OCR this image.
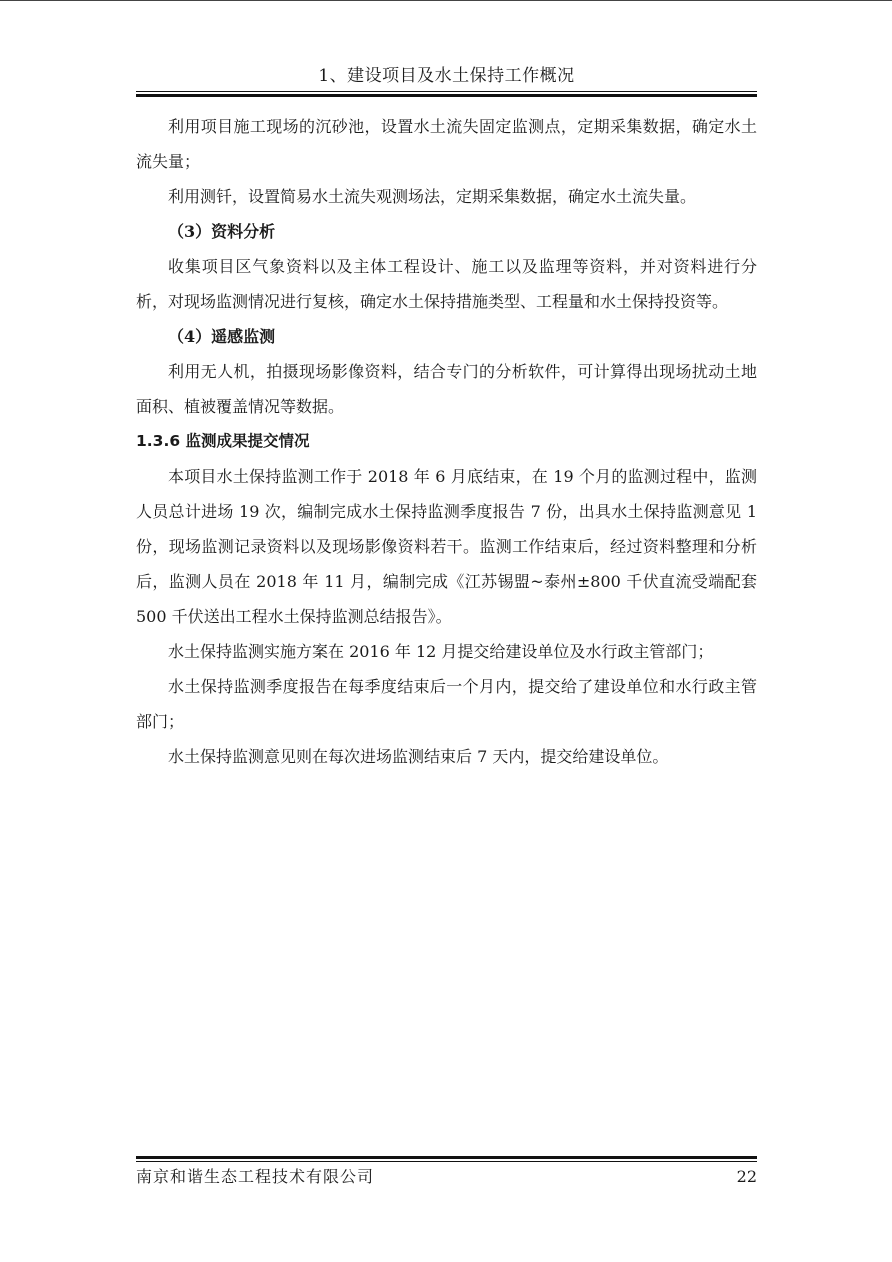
1、建设项目及水土保持工作概况

利用项目施工现场的沉砂池，设置水土流失固定监测点，定期采集数据，确定水土流失量；

利用测钎，设置简易水土流失观测场法，定期采集数据，确定水土流失量。

（3）资料分析

收集项目区气象资料以及主体工程设计、施工以及监理等资料，并对资料进行分析，对现场监测情况进行复核，确定水土保持措施类型、工程量和水土保持投资等。

（4）遥感监测

利用无人机，拍摄现场影像资料，结合专门的分析软件，可计算得出现场扰动土地面积、植被覆盖情况等数据。

1.3.6 监测成果提交情况

本项目水土保持监测工作于 2018 年 6 月底结束，在 19 个月的监测过程中，监测人员总计进场 19 次，编制完成水土保持监测季度报告 7 份，出具水土保持监测意见 1 份，现场监测记录资料以及现场影像资料若干。监测工作结束后，经过资料整理和分析后，监测人员在 2018 年 11 月，编制完成《江苏锡盟~泰州±800 千伏直流受端配套 500 千伏送出工程水土保持监测总结报告》。

水土保持监测实施方案在 2016 年 12 月提交给建设单位及水行政主管部门；

水土保持监测季度报告在每季度结束后一个月内，提交给了建设单位和水行政主管部门；

水土保持监测意见则在每次进场监测结束后 7 天内，提交给建设单位。

南京和谐生态工程技术有限公司	22
